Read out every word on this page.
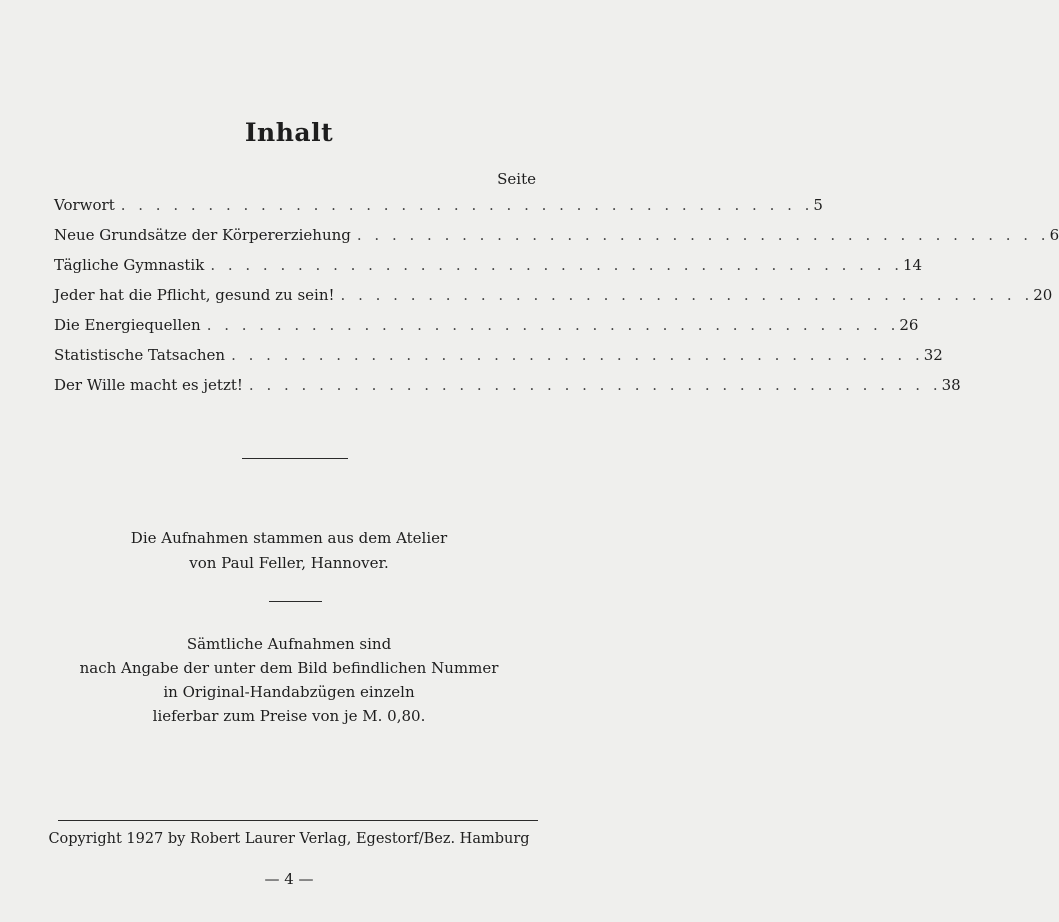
Inhalt
Seite
Vorwort . . . . . . . . . . . . . . . . . . . . . . . . . . . . . . . . . . . . . . . . 5
Neue Grundsätze der Körpererziehung . . . . . . . . . . . . . . . . . . . . . . . . . . . . . . . . . . . . . . . . 6
Tägliche Gymnastik . . . . . . . . . . . . . . . . . . . . . . . . . . . . . . . . . . . . . . . . 14
Jeder hat die Pflicht, gesund zu sein! . . . . . . . . . . . . . . . . . . . . . . . . . . . . . . . . . . . . . . . . 20
Die Energiequellen . . . . . . . . . . . . . . . . . . . . . . . . . . . . . . . . . . . . . . . . 26
Statistische Tatsachen . . . . . . . . . . . . . . . . . . . . . . . . . . . . . . . . . . . . . . . . 32
Der Wille macht es jetzt! . . . . . . . . . . . . . . . . . . . . . . . . . . . . . . . . . . . . . . . . 38
Die Aufnahmen stammen aus dem Atelier
von Paul Feller, Hannover.
Sämtliche Aufnahmen sind
nach Angabe der unter dem Bild befindlichen Nummer
in Original-Handabzügen einzeln
lieferbar zum Preise von je M. 0,80.
Copyright 1927 by Robert Laurer Verlag, Egestorf/Bez. Hamburg
— 4 —
